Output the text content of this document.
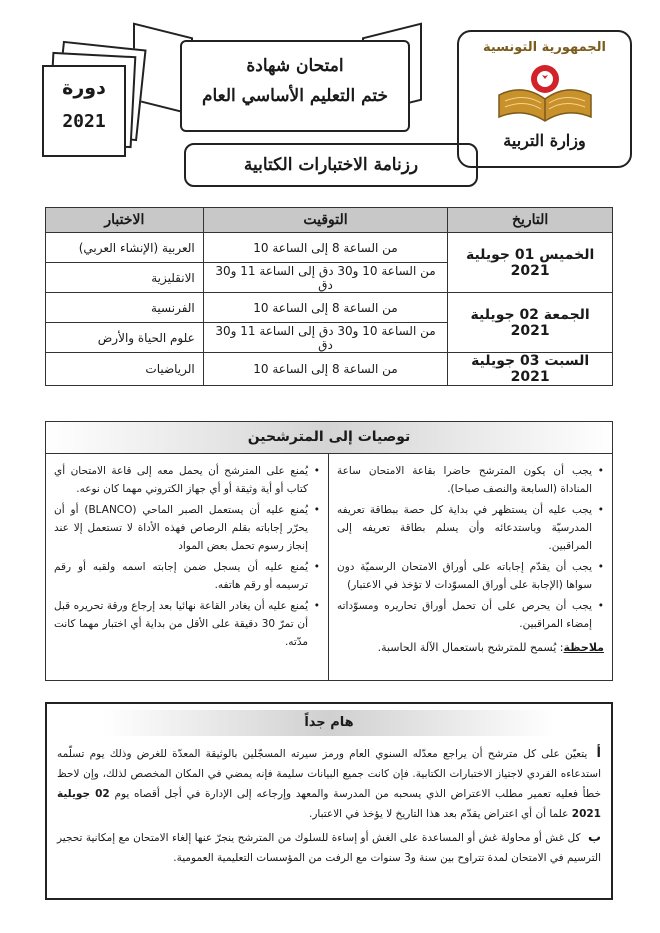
الجمهورية التونسية
وزارة التربية
امتحان شهادة
ختم التعليم الأساسي العام
دورة
2021
رزنامة الاختبارات الكتابية
التاريخ	التوقيت	الاختبار
الخميس 01 جويلية 2021	من الساعة 8 إلى الساعة 10	العربية (الإنشاء العربي)
	من الساعة 10 و30 دق إلى الساعة 11 و30 دق	الانقليزية
الجمعة 02 جويلية 2021	من الساعة 8 إلى الساعة 10	الفرنسية
	من الساعة 10 و30 دق إلى الساعة 11 و30 دق	علوم الحياة والأرض
السبت 03 جويلية 2021	من الساعة 8 إلى الساعة 10	الرياضيات
توصيات إلى المترشحين
• يجب أن يكون المترشح حاضرا بقاعة الامتحان ساعة المناداة (السابعة والنصف صباحا).
• يجب عليه أن يستظهر في بداية كل حصة ببطاقة تعريفه المدرسيّة وباستدعائه وأن يسلم بطاقة تعريفه إلى المراقبين.
• يجب أن يقدّم إجاباته على أوراق الامتحان الرسميّة دون سواها (الإجابة على أوراق المسوّدات لا تؤخذ في الاعتبار)
• يجب أن يحرص على أن تحمل أوراق تحاريره ومسوّداته إمضاء المراقبين.
ملاحظة: يُسمح للمترشح باستعمال الآلة الحاسبة.
• يُمنع على المترشح أن يحمل معه إلى قاعة الامتحان أي كتاب أو أية وثيقة أو أي جهاز الكتروني مهما كان نوعه.
• يُمنع عليه أن يستعمل الصبر الماحي (BLANCO) أو أن يحرّر إجاباته بقلم الرصاص فهذه الأداة لا تستعمل إلا عند إنجاز رسوم تحمل بعض المواد
• يُمنع عليه أن يسجل ضمن إجابته اسمه ولقبه أو رقم ترسيمه أو رقم هاتفه.
• يُمنع عليه أن يغادر القاعة نهائيا بعد إرجاع ورقة تحريره قبل أن تمرّ 30 دقيقة على الأقل من بداية أي اختبار مهما كانت مدّته.
هام جداً

أ يتعيّن على كل مترشح أن يراجع معدّله السنوي العام ورمز سيرته المسجّلين بالوثيقة المعدّة للغرض وذلك يوم تسلّمه استدعاءه الفردي لاجتياز الاختبارات الكتابية. فإن كانت جميع البيانات سليمة فإنه يمضي في المكان المخصص لذلك، وإن لاحظ خطأ فعليه تعمير مطلب الاعتراض الذي يسحبه من المدرسة والمعهد وإرجاعه إلى الإدارة في أجل أقصاه يوم 02 جويلية 2021 علما أن أي اعتراض يقدّم بعد هذا التاريخ لا يؤخذ في الاعتبار.

ب كل غش أو محاولة غش أو المساعدة على الغش أو إساءة للسلوك من المترشح ينجرّ عنها إلغاء الامتحان مع إمكانية تحجير الترسيم في الامتحان لمدة تتراوح بين سنة و3 سنوات مع الرفت من المؤسسات التعليمية العمومية.
